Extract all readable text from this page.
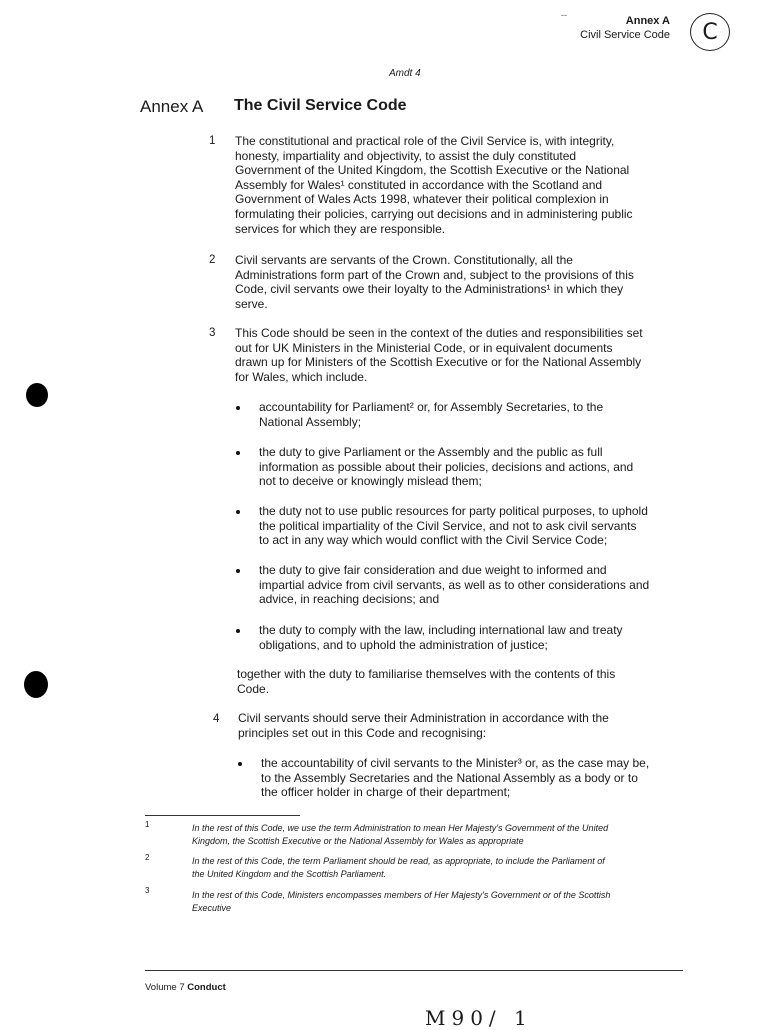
--	Annex A
Civil Service Code C
Amdt 4
Annex A The Civil Service Code
1 The constitutional and practical role of the Civil Service is, with integrity,
honesty, impartiality and objectivity, to assist the duly constituted
Government of the United Kingdom, the Scottish Executive or the National
Assembly for Wales¹ constituted in accordance with the Scotland and
Government of Wales Acts 1998, whatever their political complexion in
formulating their policies, carrying out decisions and in administering public
services for which they are responsible.
2 Civil servants are servants of the Crown. Constitutionally, all the
Administrations form part of the Crown and, subject to the provisions of this
Code, civil servants owe their loyalty to the Administrations¹ in which they
serve.
3 This Code should be seen in the context of the duties and responsibilities set
out for UK Ministers in the Ministerial Code, or in equivalent documents
drawn up for Ministers of the Scottish Executive or for the National Assembly
for Wales, which include.
accountability for Parliament² or, for Assembly Secretaries, to the
National Assembly;
the duty to give Parliament or the Assembly and the public as full
information as possible about their policies, decisions and actions, and
not to deceive or knowingly mislead them;
the duty not to use public resources for party political purposes, to uphold
the political impartiality of the Civil Service, and not to ask civil servants
to act in any way which would conflict with the Civil Service Code;
the duty to give fair consideration and due weight to informed and
impartial advice from civil servants, as well as to other considerations and
advice, in reaching decisions; and
the duty to comply with the law, including international law and treaty
obligations, and to uphold the administration of justice;
together with the duty to familiarise themselves with the contents of this
Code.
4 Civil servants should serve their Administration in accordance with the
principles set out in this Code and recognising:
the accountability of civil servants to the Minister³ or, as the case may be,
to the Assembly Secretaries and the National Assembly as a body or to
the officer holder in charge of their department;
1	In the rest of this Code, we use the term Administration to mean Her Majesty's Government of the United
Kingdom, the Scottish Executive or the National Assembly for Wales as appropriate
2	In the rest of this Code, the term Parliament should be read, as appropriate, to include the Parliament of
the United Kingdom and the Scottish Parliament.
3	In the rest of this Code, Ministers encompasses members of Her Majesty's Government or of the Scottish
Executive
Volume 7 Conduct
M90/ 1
